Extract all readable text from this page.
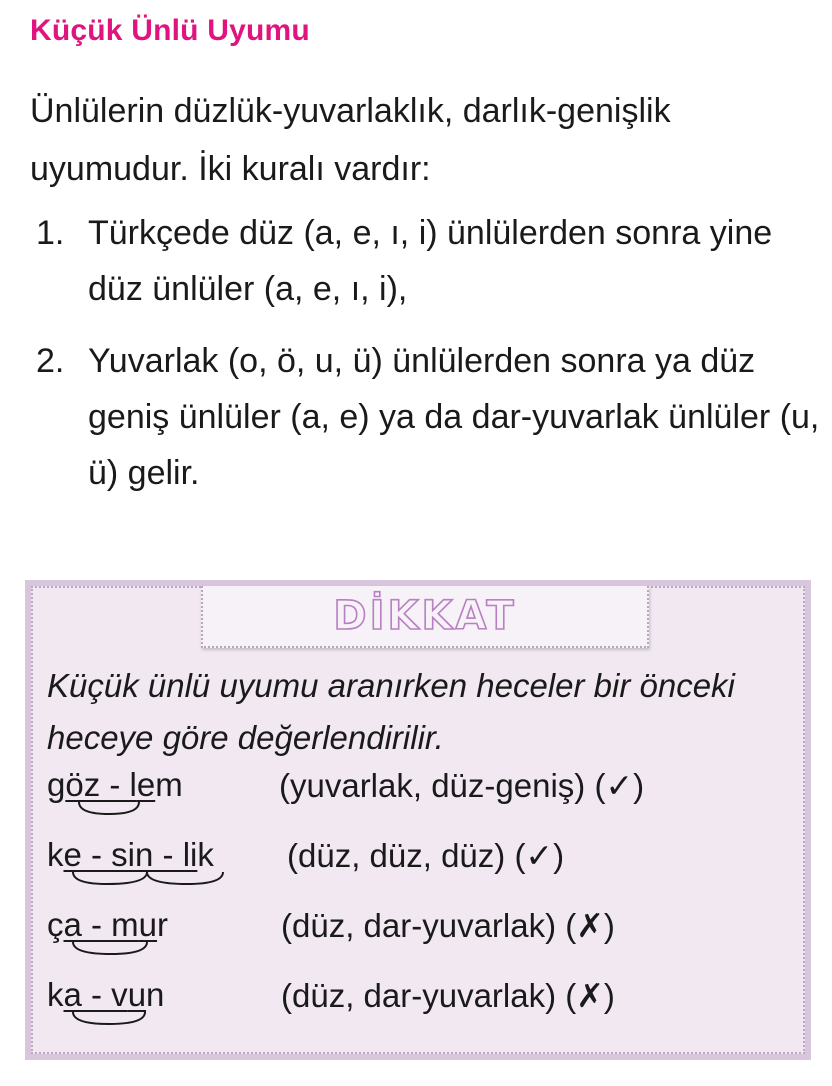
Küçük Ünlü Uyumu
Ünlülerin düzlük-yuvarlaklık, darlık-genişlik uyumudur. İki kuralı vardır:
1. Türkçede düz (a, e, ı, i) ünlülerden sonra yine düz ünlüler (a, e, ı, i),
2. Yuvarlak (o, ö, u, ü) ünlülerden sonra ya düz geniş ünlüler (a, e) ya da dar-yuvarlak ünlüler (u, ü) gelir.
DİKKAT
Küçük ünlü uyumu aranırken heceler bir önceki heceye göre değerlendirilir.
göz - lem	(yuvarlak, düz-geniş) (✓)
ke - sin - lik (düz, düz, düz) (✓)
ça - mur	(düz, dar-yuvarlak) (✗)
ka - vun	(düz, dar-yuvarlak) (✗)
